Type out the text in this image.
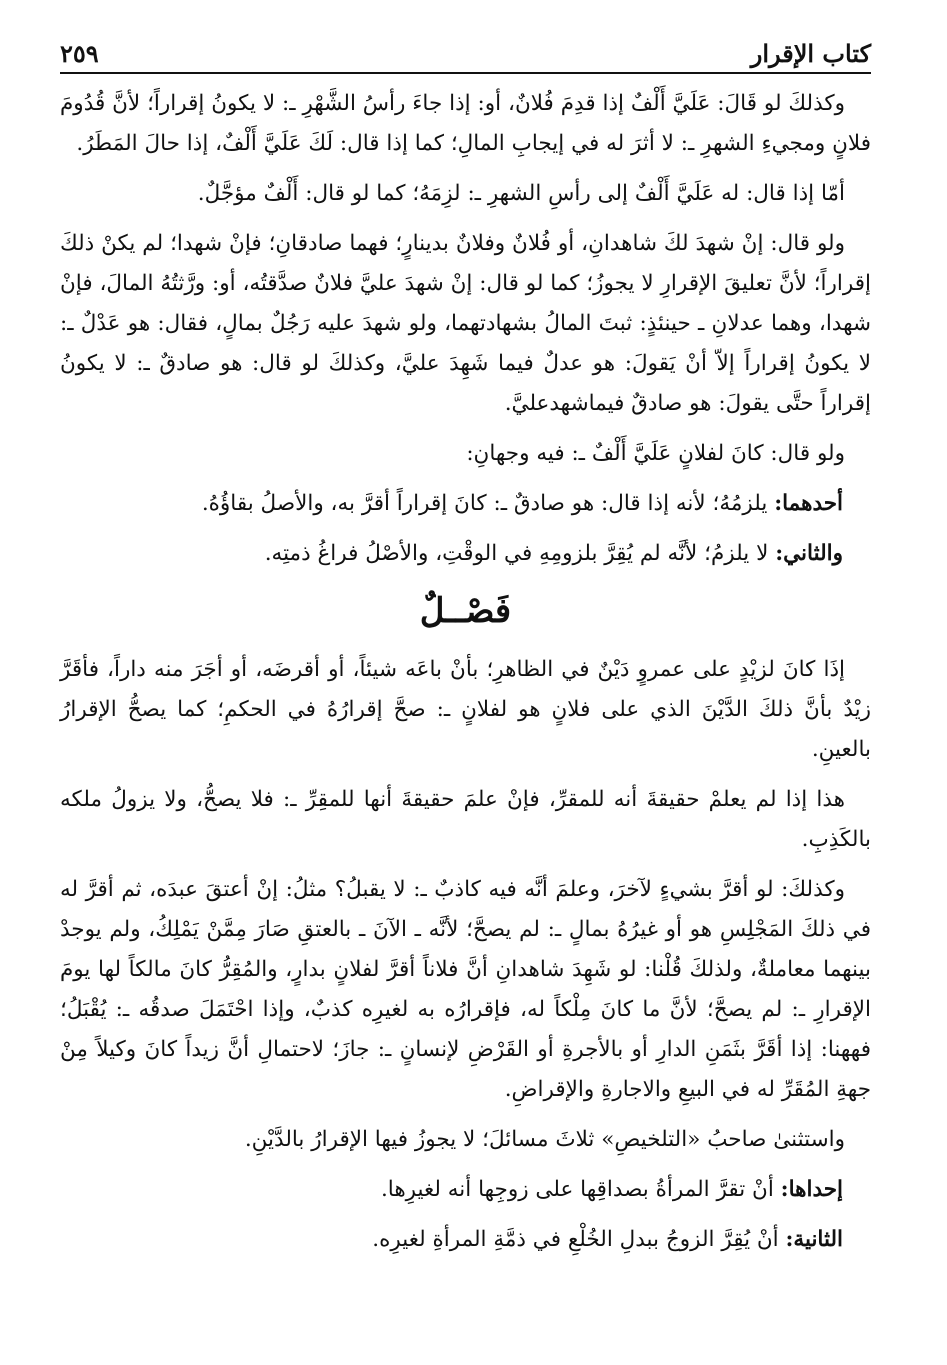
كتاب الإقرار
٢٥٩

وكذلكَ لو قَالَ: عَلَيَّ أَلْفٌ إذا قدِمَ فُلانٌ، أو: إذا جاءَ رأسُ الشَّهْرِ ـ: لا يكونُ إقراراً؛ لأنَّ قُدُومَ فلانٍ ومجيءِ الشهرِ ـ: لا أثرَ له في إيجابِ المالِ؛ كما إذا قال: لَكَ عَلَيَّ أَلْفٌ، إذا حالَ المَطَرُ.

أمّا إذا قال: له عَلَيَّ أَلْفٌ إلى رأسِ الشهرِ ـ: لزِمَهُ؛ كما لو قال: أَلْفٌ مؤجَّلٌ.

ولو قال: إنْ شهدَ لكَ شاهدانِ، أو فُلانٌ وفلانٌ بدينارٍ؛ فهما صادقانِ؛ فإنْ شهدا؛ لم يكنْ ذلكَ إقراراً؛ لأنَّ تعليقَ الإقرارِ لا يجوزُ؛ كما لو قال: إنْ شهدَ عليَّ فلانٌ صدَّقتُه، أو: ورَّثتُهُ المالَ، فإنْ شهدا، وهما عدلانِ ـ حينئذٍ: ثبتَ المالُ بشهادتهما، ولو شهدَ عليه رَجُلٌ بمالٍ، فقال: هو عَدْلٌ ـ: لا يكونُ إقراراً إلاّ أنْ يَقولَ: هو عدلٌ فيما شَهِدَ عليَّ، وكذلكَ لو قال: هو صادقٌ ـ: لا يكونُ إقراراً حتَّى يقولَ: هو صادقٌ فيماشهدعليَّ.

ولو قال: كانَ لفلانٍ عَلَيَّ أَلْفٌ ـ: فيه وجهانِ:

أحدهما: يلزمُهُ؛ لأنه إذا قال: هو صادقٌ ـ: كانَ إقراراً أقرَّ به، والأصلُ بقاؤُهُ.

والثاني: لا يلزمُ؛ لأنَّه لم يُقِرَّ بلزومِهِ في الوقْتِ، والأصْلُ فراغُ ذمتِه.

فَصْــلٌ

إذَا كانَ لزيْدٍ على عمروٍ دَيْنٌ في الظاهرِ؛ بأنْ باعَه شيئاً، أو أقرضَه، أو أجَرَ منه داراً، فأقَرَّ زيْدٌ بأنَّ ذلكَ الدَّيْنَ الذي على فلانٍ هو لفلانٍ ـ: صحَّ إقرارُهُ في الحكمِ؛ كما يصحُّ الإقرارُ بالعينِ.

هذا إذا لم يعلمْ حقيقةَ أنه للمقرِّ، فإنْ علمَ حقيقةَ أنها للمقِرِّ ـ: فلا يصحُّ، ولا يزولُ ملكه بالكَذِبِ.

وكذلكَ: لو أقرَّ بشيءٍ لآخرَ، وعلمَ أنَّه فيه كاذبٌ ـ: لا يقبلُ؟ مثلُ: إنْ أعتقَ عبدَه، ثم أقرَّ له في ذلكَ المَجْلِسِ هو أو غيرُهُ بمالٍ ـ: لم يصحَّ؛ لأنَّه ـ الآنَ ـ بالعتقِ صَارَ مِمَّنْ يَمْلِكُ، ولم يوجدْ بينهما معاملةٌ، ولذلكَ قُلْنا: لو شَهِدَ شاهدانِ أنَّ فلاناً أقرَّ لفلانٍ بدارٍ، والمُقِرُّ كانَ مالكاً لها يومَ الإقرارِ ـ: لم يصحَّ؛ لأنَّ ما كانَ مِلْكاً له، فإقرارُه به لغيرِه كذبٌ، وإذا احْتَمَلَ صدقُه ـ: يُقْبَلُ؛ فههنا: إذا أقَرَّ بثَمَنِ الدارِ أو بالأجرةِ أو القَرْضِ لإنسانٍ ـ: جازَ؛ لاحتمالِ أنَّ زيداً كانَ وكيلاً مِنْ جهةِ المُقَرِّ له في البيعِ والاجارةِ والإقراضِ.

واستثنىٰ صاحبُ «التلخيصِ» ثلاثَ مسائلَ؛ لا يجوزُ فيها الإقرارُ بالدَّيْنِ.

إحداها: أنْ تقرَّ المرأةُ بصداقِها على زوجِها أنه لغيرِها.

الثانية: أنْ يُقِرَّ الزوجُ ببدلِ الخُلْعِ في ذمَّةِ المرأةِ لغيرِه.
